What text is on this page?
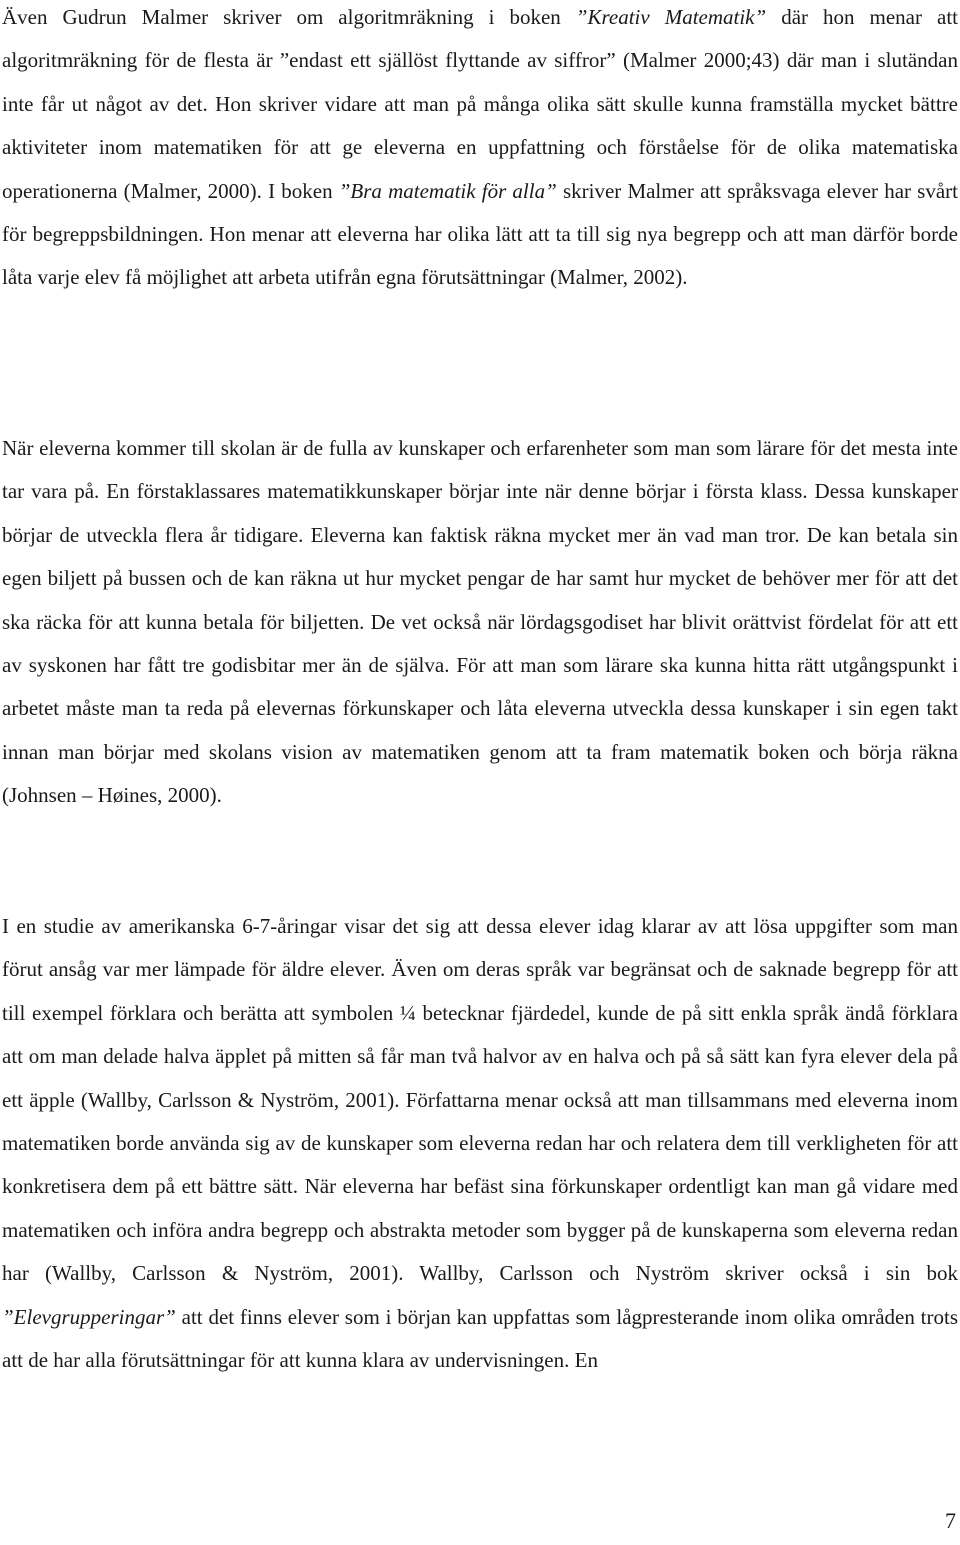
Även Gudrun Malmer skriver om algoritmräkning i boken ”Kreativ Matematik” där hon menar att algoritmräkning för de flesta är ”endast ett själlöst flyttande av siffror” (Malmer 2000;43) där man i slutändan inte får ut något av det. Hon skriver vidare att man på många olika sätt skulle kunna framställa mycket bättre aktiviteter inom matematiken för att ge eleverna en uppfattning och förståelse för de olika matematiska operationerna (Malmer, 2000). I boken ”Bra matematik för alla” skriver Malmer att språksvaga elever har svårt för begreppsbildningen. Hon menar att eleverna har olika lätt att ta till sig nya begrepp och att man därför borde låta varje elev få möjlighet att arbeta utifrån egna förutsättningar (Malmer, 2002).

När eleverna kommer till skolan är de fulla av kunskaper och erfarenheter som man som lärare för det mesta inte tar vara på. En förstaklassares matematikkunskaper börjar inte när denne börjar i första klass. Dessa kunskaper börjar de utveckla flera år tidigare. Eleverna kan faktisk räkna mycket mer än vad man tror. De kan betala sin egen biljett på bussen och de kan räkna ut hur mycket pengar de har samt hur mycket de behöver mer för att det ska räcka för att kunna betala för biljetten. De vet också när lördagsgodiset har blivit orättvist fördelat för att ett av syskonen har fått tre godisbitar mer än de själva. För att man som lärare ska kunna hitta rätt utgångspunkt i arbetet måste man ta reda på elevernas förkunskaper och låta eleverna utveckla dessa kunskaper i sin egen takt innan man börjar med skolans vision av matematiken genom att ta fram matematik boken och börja räkna (Johnsen – Høines, 2000).

I en studie av amerikanska 6-7-åringar visar det sig att dessa elever idag klarar av att lösa uppgifter som man förut ansåg var mer lämpade för äldre elever. Även om deras språk var begränsat och de saknade begrepp för att till exempel förklara och berätta att symbolen ¼ betecknar fjärdedel, kunde de på sitt enkla språk ändå förklara att om man delade halva äpplet på mitten så får man två halvor av en halva och på så sätt kan fyra elever dela på ett äpple (Wallby, Carlsson & Nyström, 2001). Författarna menar också att man tillsammans med eleverna inom matematiken borde använda sig av de kunskaper som eleverna redan har och relatera dem till verkligheten för att konkretisera dem på ett bättre sätt. När eleverna har befäst sina förkunskaper ordentligt kan man gå vidare med matematiken och införa andra begrepp och abstrakta metoder som bygger på de kunskaperna som eleverna redan har (Wallby, Carlsson & Nyström, 2001). Wallby, Carlsson och Nyström skriver också i sin bok ”Elevgrupperingar” att det finns elever som i början kan uppfattas som lågpresterande inom olika områden trots att de har alla förutsättningar för att kunna klara av undervisningen. En

7
